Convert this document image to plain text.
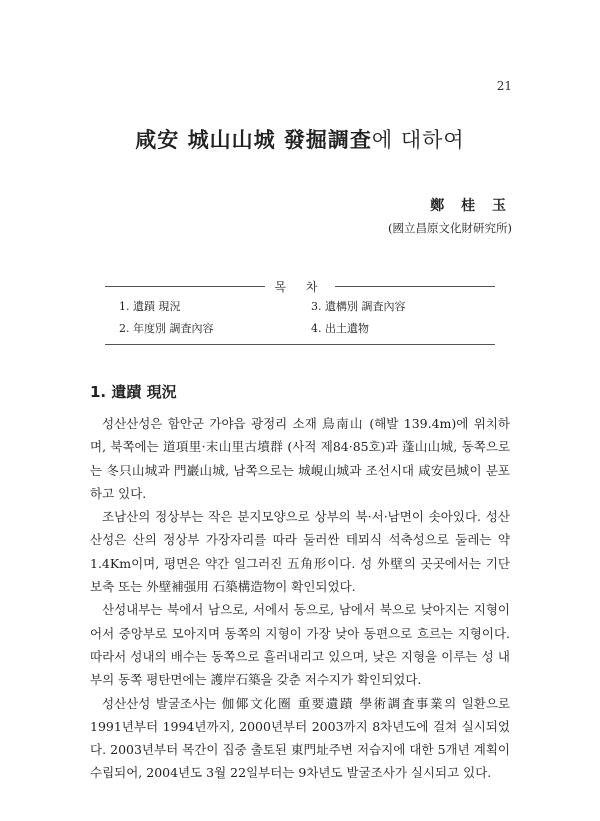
21
咸安 城山山城 發掘調査에 대하여
鄭 桂 玉
(國立昌原文化財研究所)
목 차
1. 遺蹟 現況
2. 年度別 調査內容
3. 遺構別 調査內容
4. 出土遺物
1. 遺蹟 現況

성산산성은 함안군 가야읍 광정리 소재 鳥南山 (해발 139.4m)에 위치하며, 북쪽에는 道項里·末山里古墳群 (사적 제84·85호)과 蓬山山城, 동쪽으로는 冬只山城과 門巖山城, 남쪽으로는 城峴山城과 조선시대 咸安邑城이 분포하고 있다.

조남산의 정상부는 작은 분지모양으로 상부의 북·서·남면이 솟아있다. 성산산성은 산의 정상부 가장자리를 따라 둘러싼 테뫼식 석축성으로 둘레는 약 1.4Km이며, 평면은 약간 일그러진 五角形이다. 성 外壁의 곳곳에서는 기단보축 또는 外壁補强用 石築構造物이 확인되었다.

산성내부는 북에서 남으로, 서에서 동으로, 남에서 북으로 낮아지는 지형이어서 중앙부로 모아지며 동쪽의 지형이 가장 낮아 동편으로 흐르는 지형이다. 따라서 성내의 배수는 동쪽으로 흘러내리고 있으며, 낮은 지형을 이루는 성 내부의 동쪽 평탄면에는 護岸石築을 갖춘 저수지가 확인되었다.

성산산성 발굴조사는 伽倻文化圈 重要遺蹟 學術調査事業의 일환으로 1991년부터 1994년까지, 2000년부터 2003까지 8차년도에 걸쳐 실시되었다. 2003년부터 목간이 집중 출토된 東門址주변 저습지에 대한 5개년 계획이 수립되어, 2004년도 3월 22일부터는 9차년도 발굴조사가 실시되고 있다.
